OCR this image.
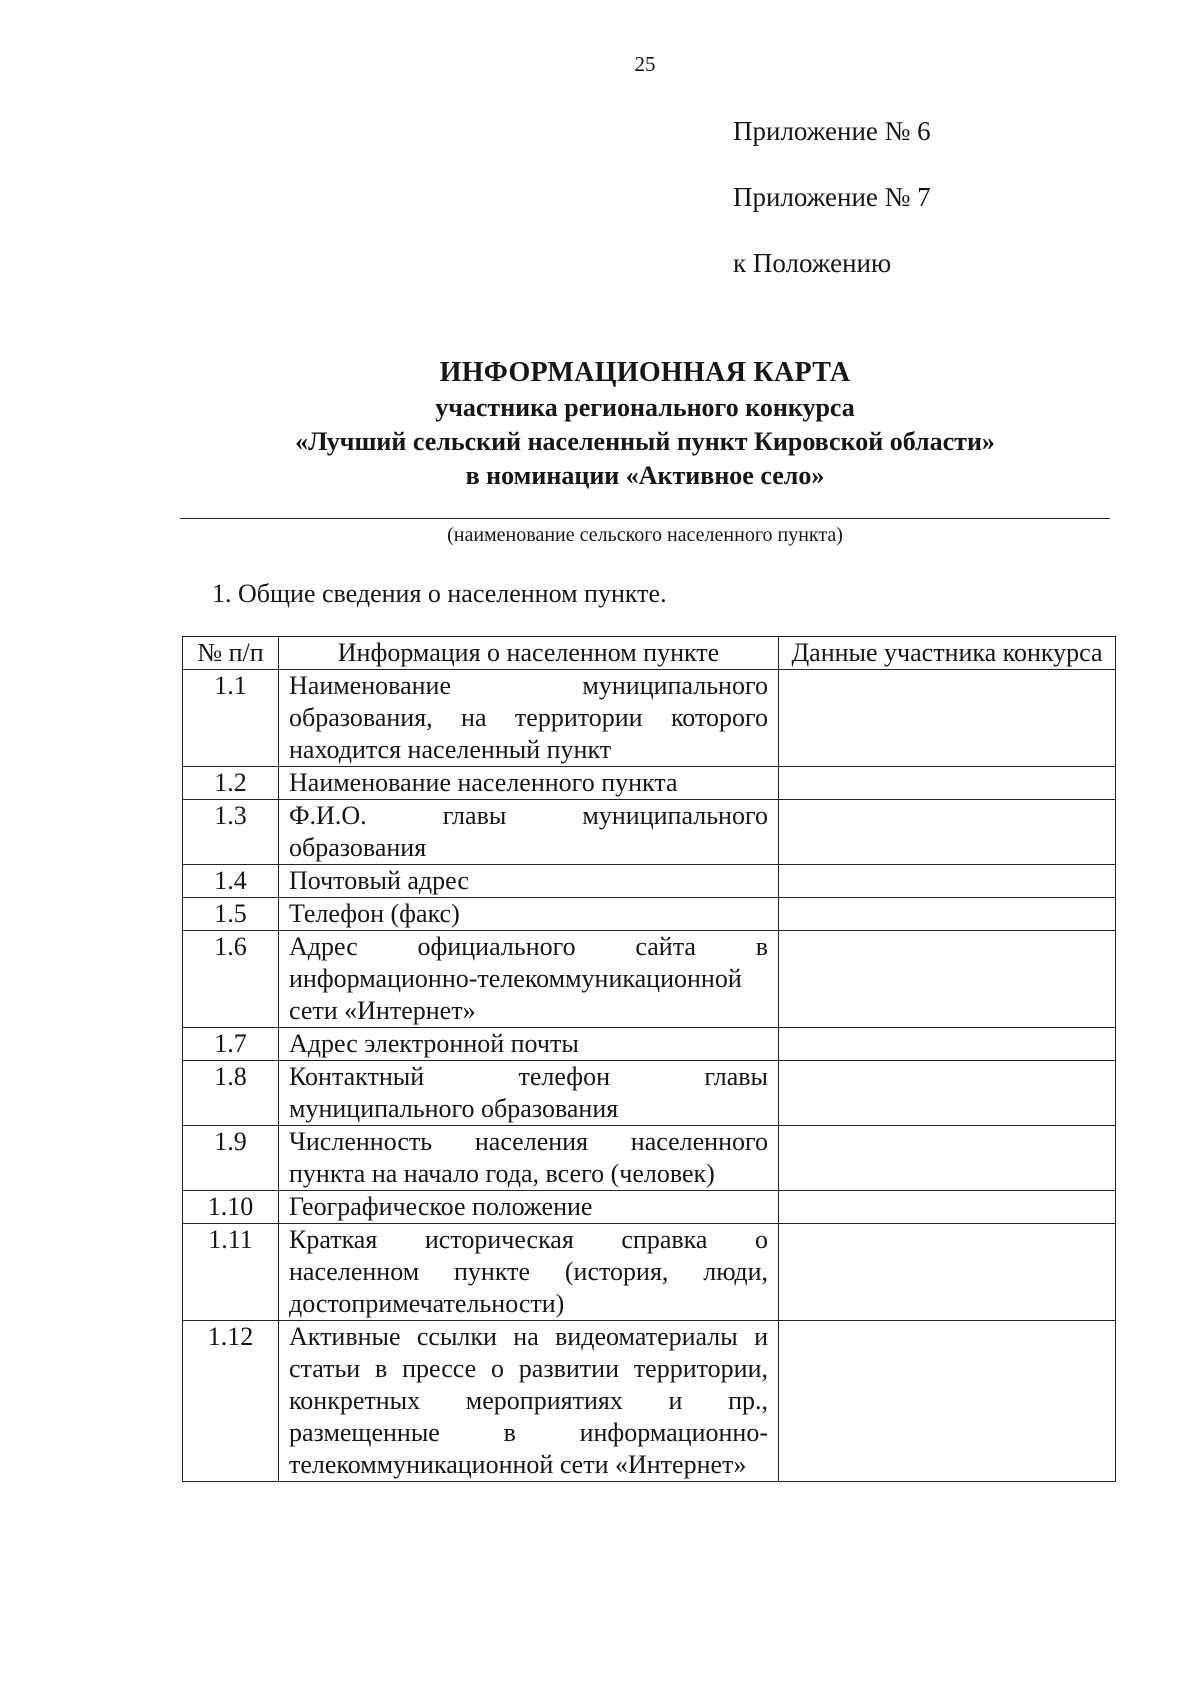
25
Приложение № 6
Приложение № 7
к Положению
ИНФОРМАЦИОННАЯ КАРТА
участника регионального конкурса
«Лучший сельский населенный пункт Кировской области»
в номинации «Активное село»
(наименование сельского населенного пункта)
1. Общие сведения о населенном пункте.
№ п/п	Информация о населенном пункте	Данные участника конкурса
1.1	Наименование муниципального образования, на территории которого находится населенный пункт	
1.2	Наименование населенного пункта	
1.3	Ф.И.О. главы муниципального образования	
1.4	Почтовый адрес	
1.5	Телефон (факс)	
1.6	Адрес официального сайта в информационно-телекоммуникационной сети «Интернет»	
1.7	Адрес электронной почты	
1.8	Контактный телефон главы муниципального образования	
1.9	Численность населения населенного пункта на начало года, всего (человек)	
1.10	Географическое положение	
1.11	Краткая историческая справка о населенном пункте (история, люди, достопримечательности)	
1.12	Активные ссылки на видеоматериалы и статьи в прессе о развитии территории, конкретных мероприятиях и пр., размещенные в информационно-телекоммуникационной сети «Интернет»	
